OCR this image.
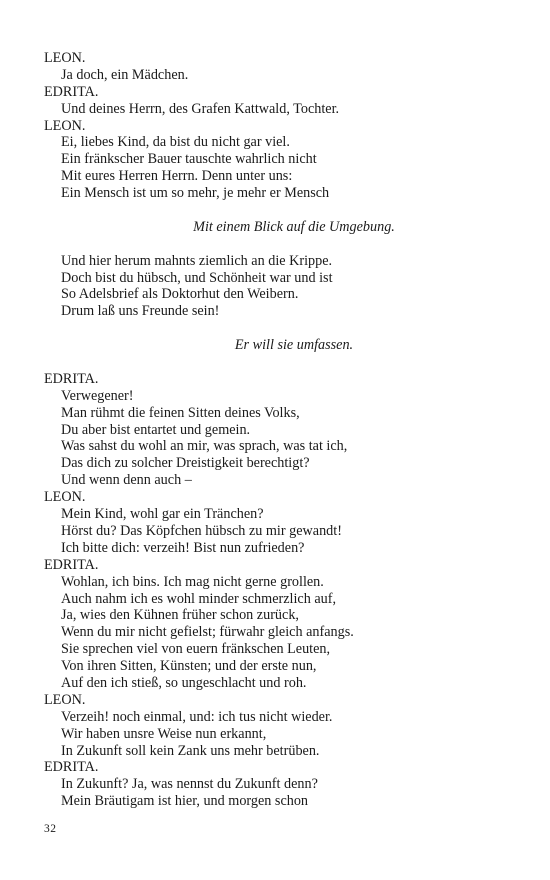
LEON.
Ja doch, ein Mädchen.
EDRITA.
Und deines Herrn, des Grafen Kattwald, Tochter.
LEON.
Ei, liebes Kind, da bist du nicht gar viel.
Ein fränkscher Bauer tauschte wahrlich nicht
Mit eures Herren Herrn. Denn unter uns:
Ein Mensch ist um so mehr, je mehr er Mensch
Mit einem Blick auf die Umgebung.
Und hier herum mahnts ziemlich an die Krippe.
Doch bist du hübsch, und Schönheit war und ist
So Adelsbrief als Doktorhut den Weibern.
Drum laß uns Freunde sein!
Er will sie umfassen.
EDRITA.
Verwegener!
Man rühmt die feinen Sitten deines Volks,
Du aber bist entartet und gemein.
Was sahst du wohl an mir, was sprach, was tat ich,
Das dich zu solcher Dreistigkeit berechtigt?
Und wenn denn auch –
LEON.
Mein Kind, wohl gar ein Tränchen?
Hörst du? Das Köpfchen hübsch zu mir gewandt!
Ich bitte dich: verzeih! Bist nun zufrieden?
EDRITA.
Wohlan, ich bins. Ich mag nicht gerne grollen.
Auch nahm ich es wohl minder schmerzlich auf,
Ja, wies den Kühnen früher schon zurück,
Wenn du mir nicht gefielst; fürwahr gleich anfangs.
Sie sprechen viel von euern fränkschen Leuten,
Von ihren Sitten, Künsten; und der erste nun,
Auf den ich stieß, so ungeschlacht und roh.
LEON.
Verzeih! noch einmal, und: ich tus nicht wieder.
Wir haben unsre Weise nun erkannt,
In Zukunft soll kein Zank uns mehr betrüben.
EDRITA.
In Zukunft? Ja, was nennst du Zukunft denn?
Mein Bräutigam ist hier, und morgen schon
32
